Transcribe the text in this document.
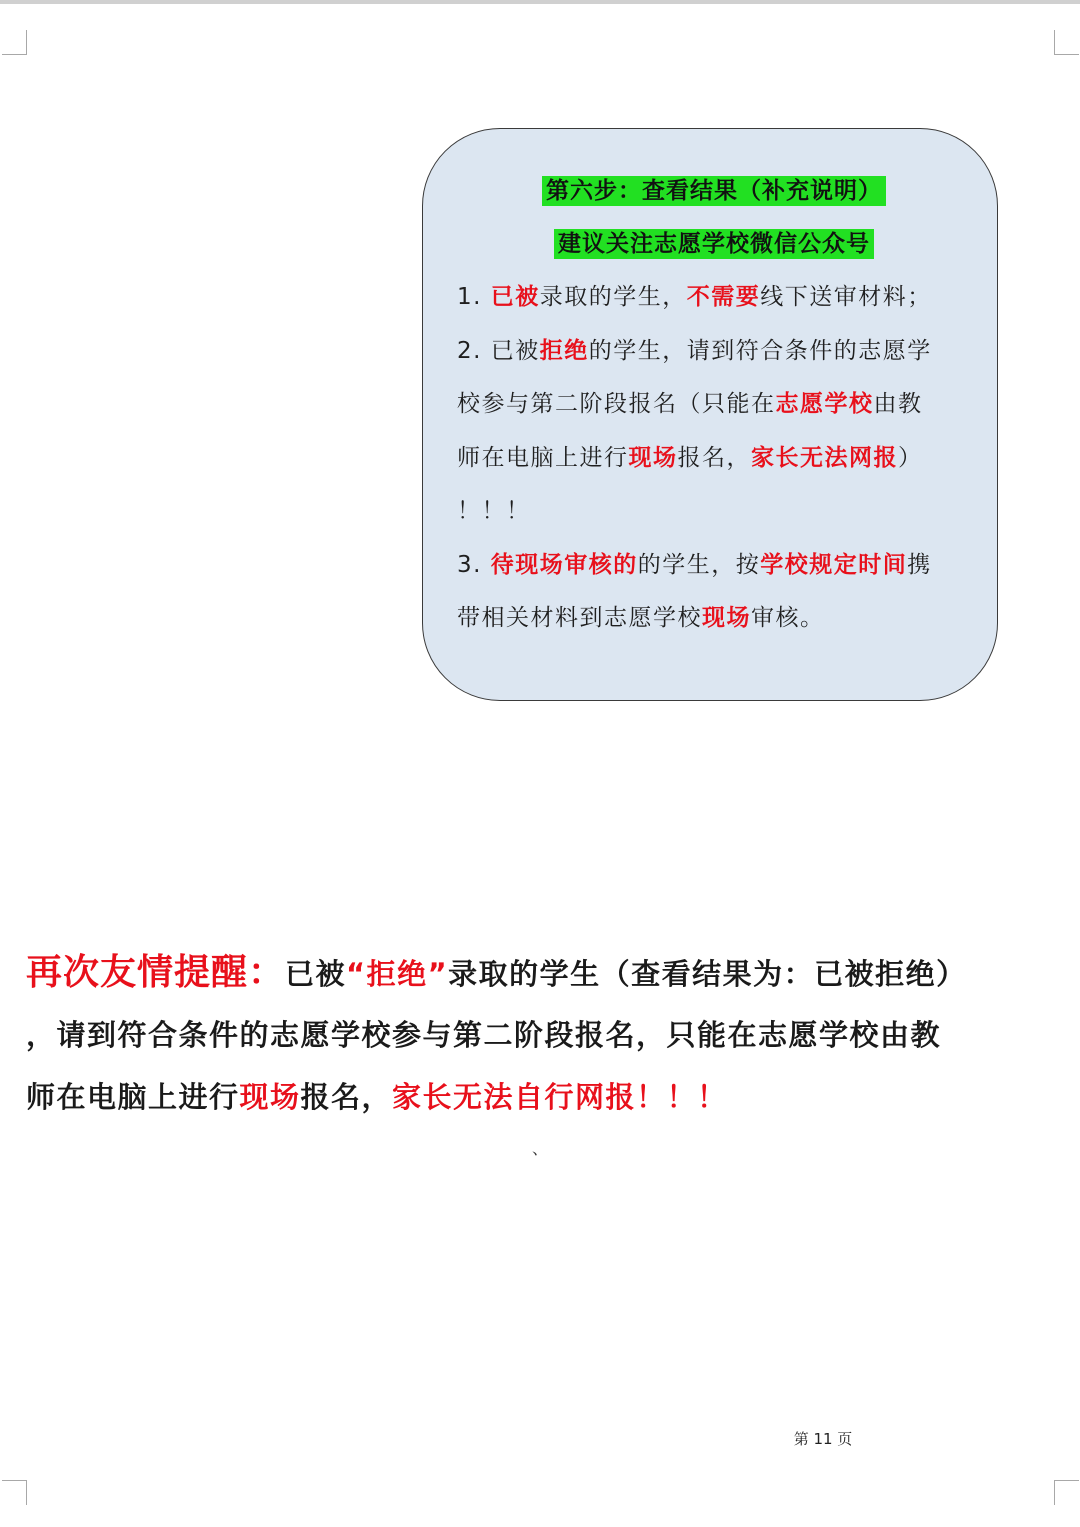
第六步：查看结果（补充说明）
建议关注志愿学校微信公众号
1. 已被录取的学生，不需要线下送审材料；
2. 已被拒绝的学生，请到符合条件的志愿学
校参与第二阶段报名（只能在志愿学校由教
师在电脑上进行现场报名，家长无法网报）
！！！
3. 待现场审核的的学生，按学校规定时间携
带相关材料到志愿学校现场审核。
再次友情提醒：已被“拒绝”录取的学生（查看结果为：已被拒绝）
，请到符合条件的志愿学校参与第二阶段报名，只能在志愿学校由教
师在电脑上进行现场报名，家长无法自行网报！！！
、
第 11 页
